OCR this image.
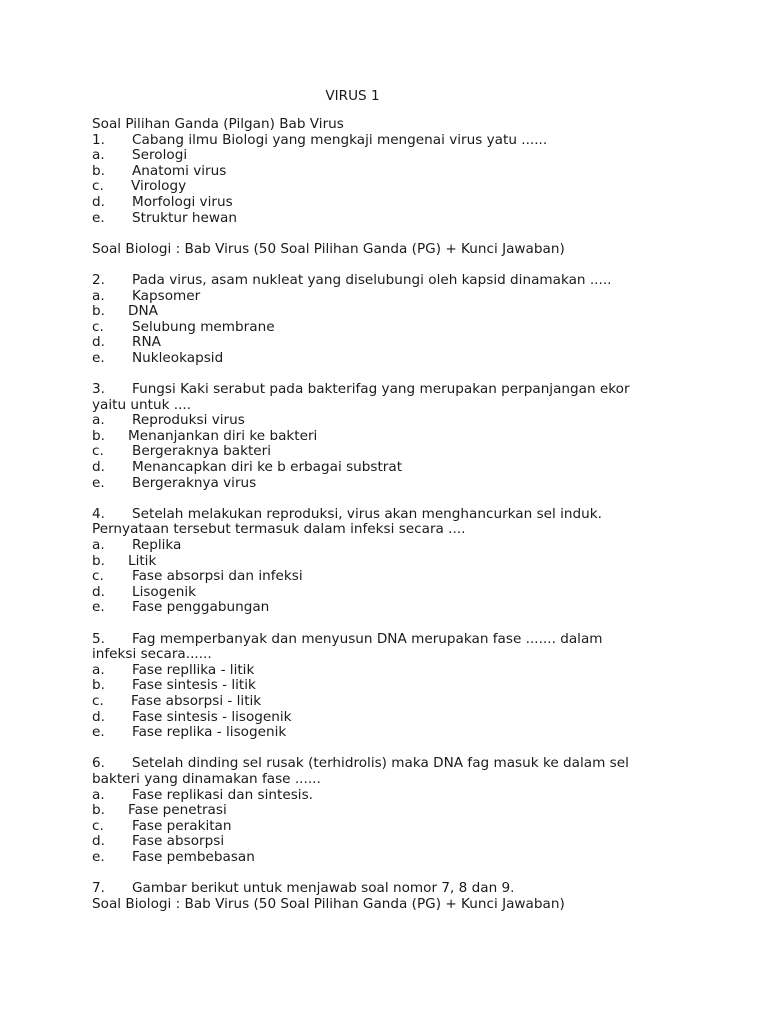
VIRUS 1
Soal Pilihan Ganda (Pilgan) Bab Virus
1. Cabang ilmu Biologi yang mengkaji mengenai virus yatu ......
a. Serologi
b. Anatomi virus
c. Virology
d. Morfologi virus
e. Struktur hewan
Soal Biologi : Bab Virus (50 Soal Pilihan Ganda (PG) + Kunci Jawaban)
2. Pada virus, asam nukleat yang diselubungi oleh kapsid dinamakan .....
a. Kapsomer
b. DNA
c. Selubung membrane
d. RNA
e. Nukleokapsid
3. Fungsi Kaki serabut pada bakterifag yang merupakan perpanjangan ekor
yaitu untuk ....
a. Reproduksi virus
b. Menanjankan diri ke bakteri
c. Bergeraknya bakteri
d. Menancapkan diri ke b erbagai substrat
e. Bergeraknya virus
4. Setelah melakukan reproduksi, virus akan menghancurkan sel induk.
Pernyataan tersebut termasuk dalam infeksi secara ....
a. Replika
b. Litik
c. Fase absorpsi dan infeksi
d. Lisogenik
e. Fase penggabungan
5. Fag memperbanyak dan menyusun DNA merupakan fase ....... dalam
infeksi secara......
a. Fase repllika - litik
b. Fase sintesis - litik
c. Fase absorpsi - litik
d. Fase sintesis - lisogenik
e. Fase replika - lisogenik
6. Setelah dinding sel rusak (terhidrolis) maka DNA fag masuk ke dalam sel
bakteri yang dinamakan fase ......
a. Fase replikasi dan sintesis.
b. Fase penetrasi
c. Fase perakitan
d. Fase absorpsi
e. Fase pembebasan
7. Gambar berikut untuk menjawab soal nomor 7, 8 dan 9.
Soal Biologi : Bab Virus (50 Soal Pilihan Ganda (PG) + Kunci Jawaban)
